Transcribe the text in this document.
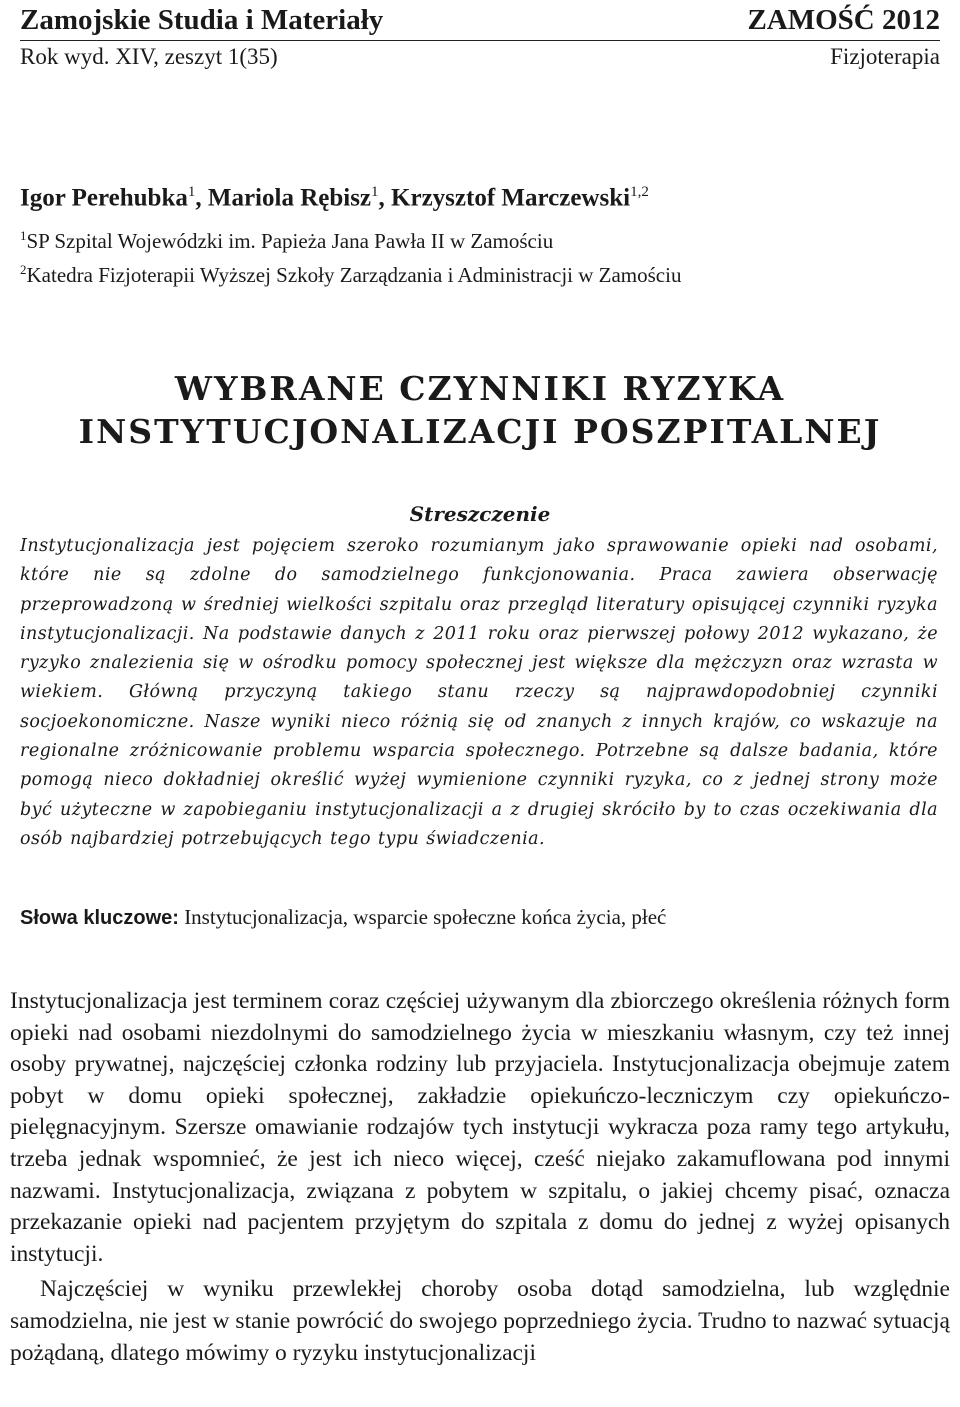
Zamojskie Studia i Materiały	ZAMOŚĆ 2012
Rok wyd. XIV, zeszyt 1(35)	Fizjoterapia
Igor Perehubka$^1$, Mariola Rębisz$^1$, Krzysztof Marczewski$^{1,2}$
$^1$SP Szpital Wojewódzki im. Papieża Jana Pawła II w Zamościu
$^2$Katedra Fizjoterapii Wyższej Szkoły Zarządzania i Administracji w Zamościu
WYBRANE CZYNNIKI RYZYKA
INSTYTUCJONALIZACJI POSZPITALNEJ
Streszczenie
Instytucjonalizacja jest pojęciem szeroko rozumianym jako sprawowanie opieki nad osobami, które nie są zdolne do samodzielnego funkcjonowania. Praca zawiera obserwację przeprowadzoną w średniej wielkości szpitalu oraz przegląd literatury opisującej czynniki ryzyka instytucjonalizacji. Na podstawie danych z 2011 roku oraz pierwszej połowy 2012 wykazano, że ryzyko znalezienia się w ośrodku pomocy społecznej jest większe dla mężczyzn oraz wzrasta w wiekiem. Główną przyczyną takiego stanu rzeczy są najprawdopodobniej czynniki socjoekonomiczne. Nasze wyniki nieco różnią się od znanych z innych krajów, co wskazuje na regionalne zróżnicowanie problemu wsparcia społecznego. Potrzebne są dalsze badania, które pomogą nieco dokładniej określić wyżej wymienione czynniki ryzyka, co z jednej strony może być użyteczne w zapobieganiu instytucjonalizacji a z drugiej skróciło by to czas oczekiwania dla osób najbardziej potrzebujących tego typu świadczenia.
Słowa kluczowe: Instytucjonalizacja, wsparcie społeczne końca życia, płeć

Instytucjonalizacja jest terminem coraz częściej używanym dla zbiorczego określenia różnych form opieki nad osobami niezdolnymi do samodzielnego życia w mieszkaniu własnym, czy też innej osoby prywatnej, najczęściej członka rodziny lub przyjaciela. Instytucjonalizacja obejmuje zatem pobyt w domu opieki społecznej, zakładzie opiekuńczo-leczniczym czy opiekuńczo-pielęgnacyjnym. Szersze omawianie rodzajów tych instytucji wykracza poza ramy tego artykułu, trzeba jednak wspomnieć, że jest ich nieco więcej, cześć niejako zakamuflowana pod innymi nazwami. Instytucjonalizacja, związana z pobytem w szpitalu, o jakiej chcemy pisać, oznacza przekazanie opieki nad pacjentem przyjętym do szpitala z domu do jednej z wyżej opisanych instytucji.

Najczęściej w wyniku przewlekłej choroby osoba dotąd samodzielna, lub względnie samodzielna, nie jest w stanie powrócić do swojego poprzedniego życia. Trudno to nazwać sytuacją pożądaną, dlatego mówimy o ryzyku instytucjonalizacji
